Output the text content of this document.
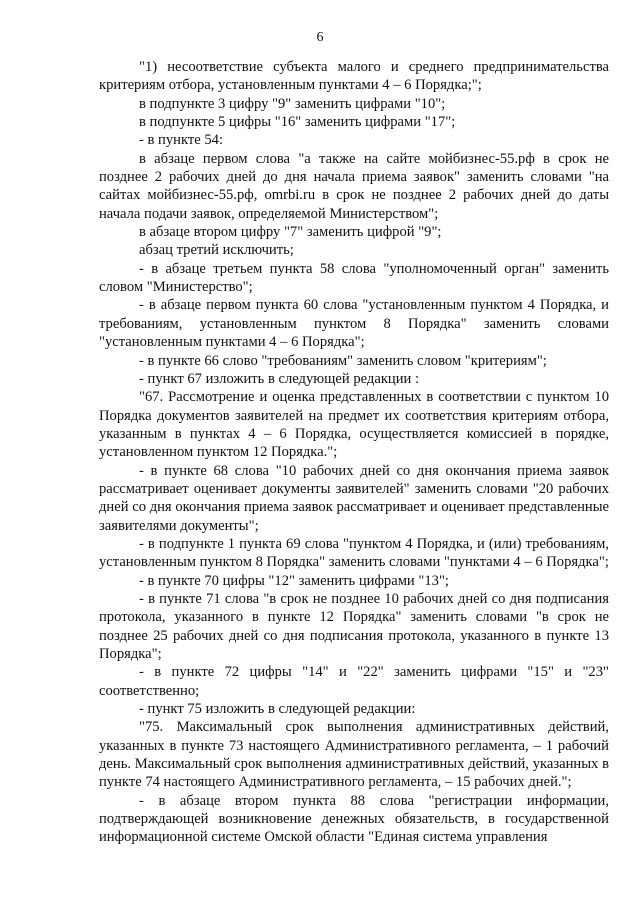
6

"1) несоответствие субъекта малого и среднего предпринимательства критериям отбора, установленным пунктами 4 – 6 Порядка;";

в подпункте 3 цифру "9" заменить цифрами "10";

в подпункте 5 цифры "16" заменить цифрами "17";

- в пункте 54:

в абзаце первом слова "а также на сайте мойбизнес-55.рф в срок не позднее 2 рабочих дней до дня начала приема заявок" заменить словами "на сайтах мойбизнес-55.рф, omrbi.ru в срок не позднее 2 рабочих дней до даты начала подачи заявок, определяемой Министерством";

в абзаце втором цифру "7" заменить цифрой "9";

абзац третий исключить;

- в абзаце третьем пункта 58 слова "уполномоченный орган" заменить словом "Министерство";

- в абзаце первом пункта 60 слова "установленным пунктом 4 Порядка, и требованиям, установленным пунктом 8 Порядка" заменить словами "установленным пунктами 4 – 6 Порядка";

- в пункте 66 слово "требованиям" заменить словом "критериям";

- пункт 67 изложить в следующей редакции :

"67. Рассмотрение и оценка представленных в соответствии с пунктом 10 Порядка документов заявителей на предмет их соответствия критериям отбора, указанным в пунктах 4 – 6 Порядка, осуществляется комиссией в порядке, установленном пунктом 12 Порядка.";

- в пункте 68 слова "10 рабочих дней со дня окончания приема заявок рассматривает оценивает документы заявителей" заменить словами "20 рабочих дней со дня окончания приема заявок рассматривает и оценивает представленные заявителями документы";

- в подпункте 1 пункта 69 слова "пунктом 4 Порядка, и (или) требованиям, установленным пунктом 8 Порядка" заменить словами "пунктами 4 – 6 Порядка";

- в пункте 70 цифры "12" заменить цифрами "13";

- в пункте 71 слова "в срок не позднее 10 рабочих дней со дня подписания протокола, указанного в пункте 12 Порядка" заменить словами "в срок не позднее 25 рабочих дней со дня подписания протокола, указанного в пункте 13 Порядка";

- в пункте 72 цифры "14" и "22" заменить цифрами "15" и "23" соответственно;

- пункт 75 изложить в следующей редакции:

"75. Максимальный срок выполнения административных действий, указанных в пункте 73 настоящего Административного регламента, – 1 рабочий день. Максимальный срок выполнения административных действий, указанных в пункте 74 настоящего Административного регламента, – 15 рабочих дней.";

- в абзаце втором пункта 88 слова "регистрации информации, подтверждающей возникновение денежных обязательств, в государственной информационной системе Омской области "Единая система управления
